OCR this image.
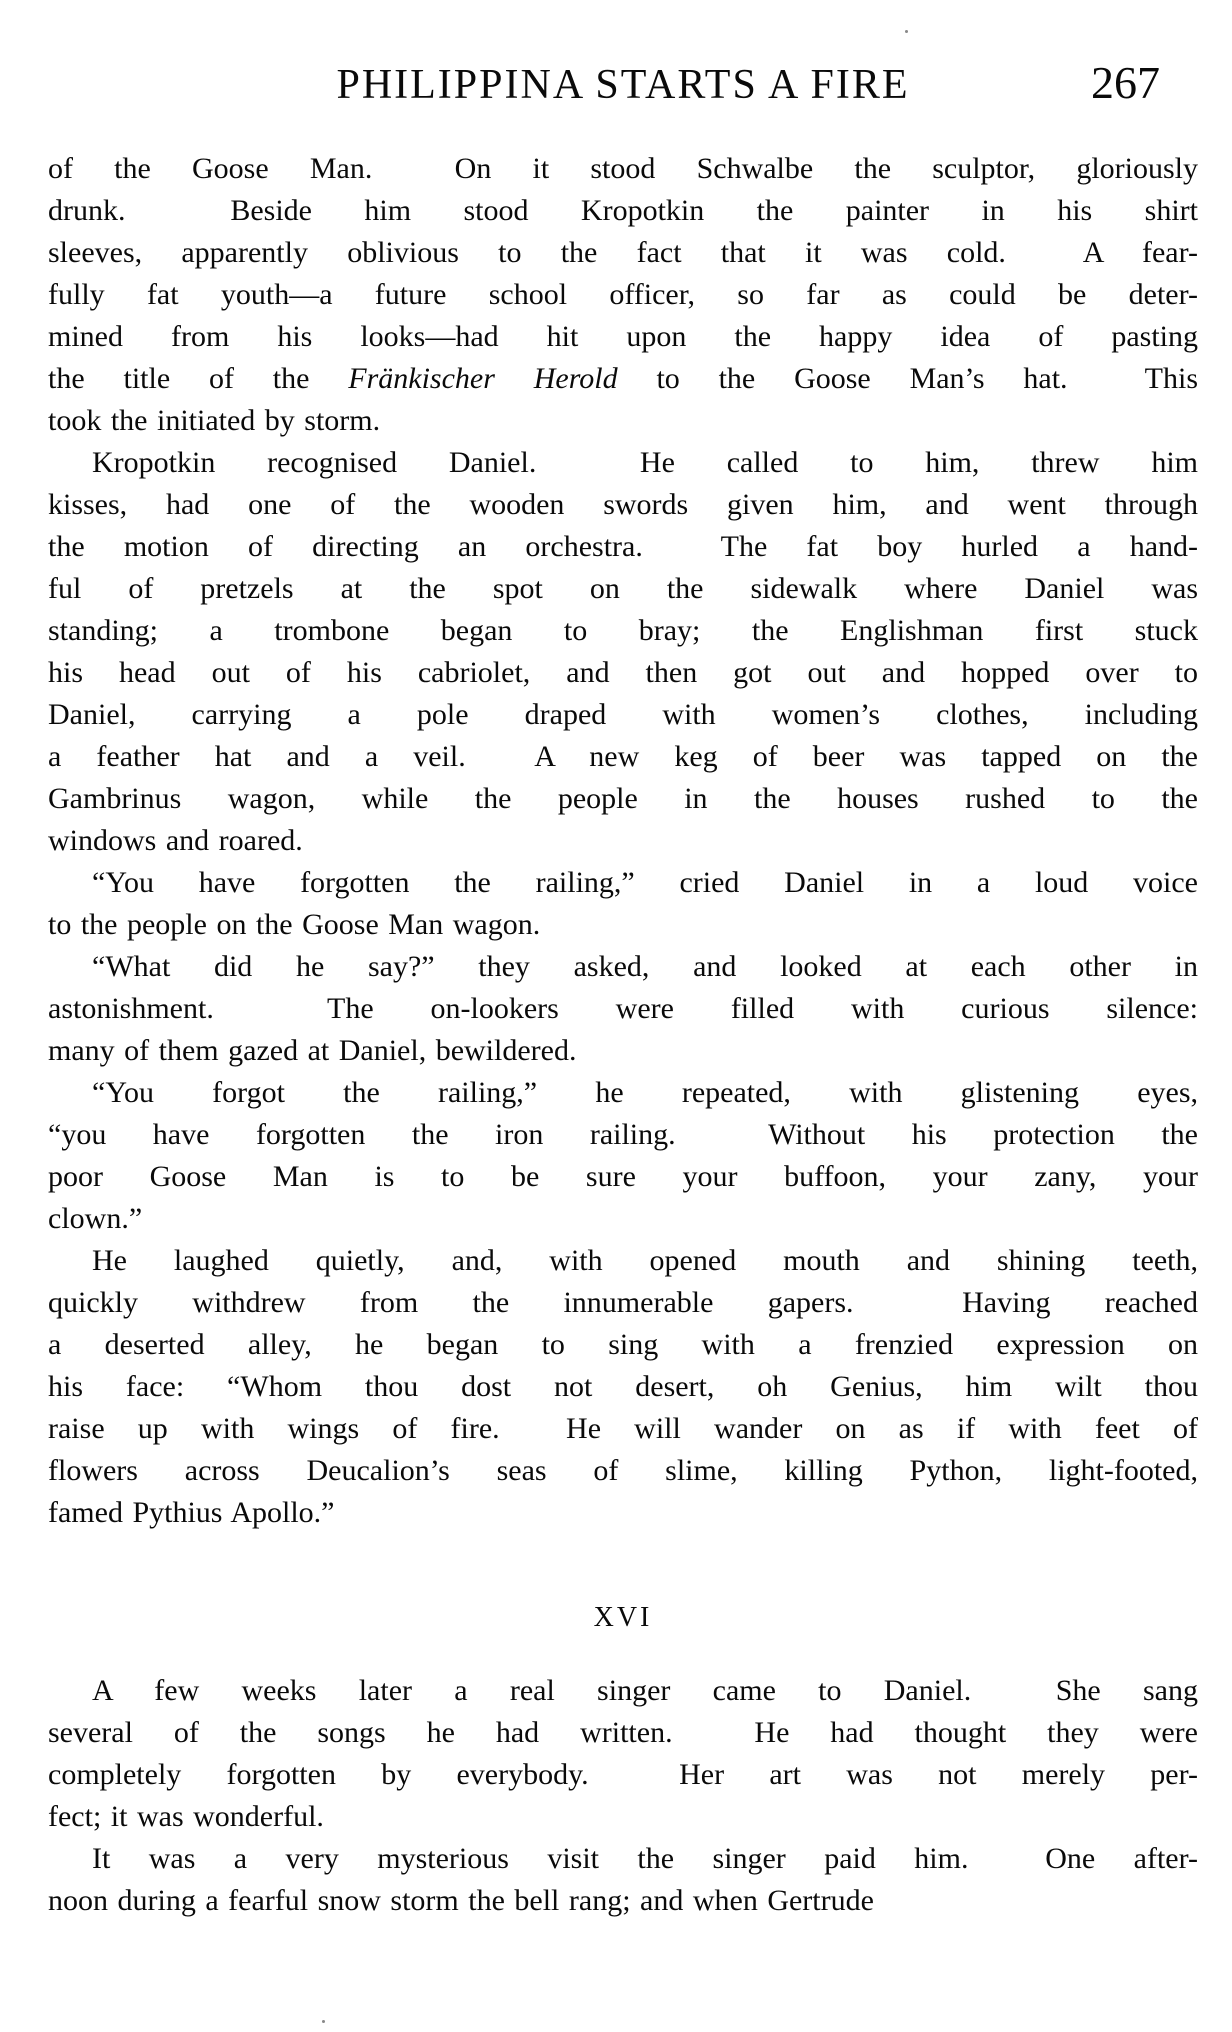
PHILIPPINA STARTS A FIRE	267
of the Goose Man.  On it stood Schwalbe the sculptor, gloriously
drunk.  Beside him stood Kropotkin the painter in his shirt
sleeves, apparently oblivious to the fact that it was cold.  A fear-
fully fat youth—a future school officer, so far as could be deter-
mined from his looks—had hit upon the happy idea of pasting
the title of the Fränkischer Herold to the Goose Man’s hat.  This
took the initiated by storm.
Kropotkin recognised Daniel.  He called to him, threw him
kisses, had one of the wooden swords given him, and went through
the motion of directing an orchestra.  The fat boy hurled a hand-
ful of pretzels at the spot on the sidewalk where Daniel was
standing; a trombone began to bray; the Englishman first stuck
his head out of his cabriolet, and then got out and hopped over to
Daniel, carrying a pole draped with women’s clothes, including
a feather hat and a veil.  A new keg of beer was tapped on the
Gambrinus wagon, while the people in the houses rushed to the
windows and roared.
“You have forgotten the railing,” cried Daniel in a loud voice
to the people on the Goose Man wagon.
“What did he say?” they asked, and looked at each other in
astonishment.  The on-lookers were filled with curious silence:
many of them gazed at Daniel, bewildered.
“You forgot the railing,” he repeated, with glistening eyes,
“you have forgotten the iron railing.  Without his protection the
poor Goose Man is to be sure your buffoon, your zany, your
clown.”
He laughed quietly, and, with opened mouth and shining teeth,
quickly withdrew from the innumerable gapers.  Having reached
a deserted alley, he began to sing with a frenzied expression on
his face: “Whom thou dost not desert, oh Genius, him wilt thou
raise up with wings of fire.  He will wander on as if with feet of
flowers across Deucalion’s seas of slime, killing Python, light-footed,
famed Pythius Apollo.”
XVI
A few weeks later a real singer came to Daniel.  She sang
several of the songs he had written.  He had thought they were
completely forgotten by everybody.  Her art was not merely per-
fect; it was wonderful.
It was a very mysterious visit the singer paid him.  One after-
noon during a fearful snow storm the bell rang; and when Gertrude
